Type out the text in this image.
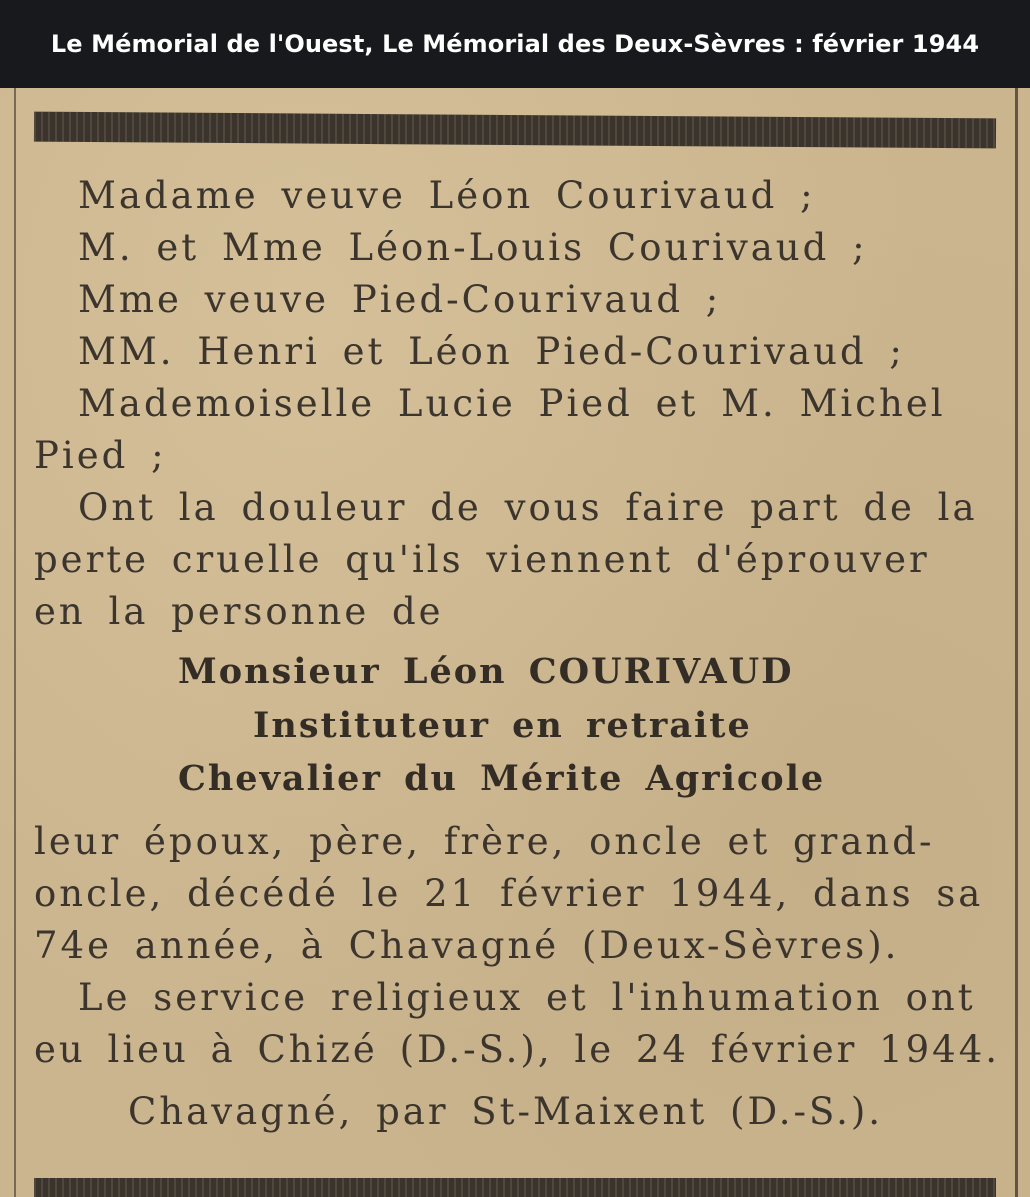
Le Mémorial de l'Ouest, Le Mémorial des Deux-Sèvres : février 1944
Madame veuve Léon Courivaud ;
M. et Mme Léon-Louis Courivaud ;
Mme veuve Pied-Courivaud ;
MM. Henri et Léon Pied-Courivaud ;
Mademoiselle Lucie Pied et M. Michel
Pied ;
Ont la douleur de vous faire part de la
perte cruelle qu'ils viennent d'éprouver
en la personne de
Monsieur Léon COURIVAUD
Instituteur en retraite
Chevalier du Mérite Agricole
leur époux, père, frère, oncle et grand-
oncle, décédé le 21 février 1944, dans sa
74e année, à Chavagné (Deux-Sèvres).
Le service religieux et l'inhumation ont
eu lieu à Chizé (D.-S.), le 24 février 1944.
Chavagné, par St-Maixent (D.-S.).
